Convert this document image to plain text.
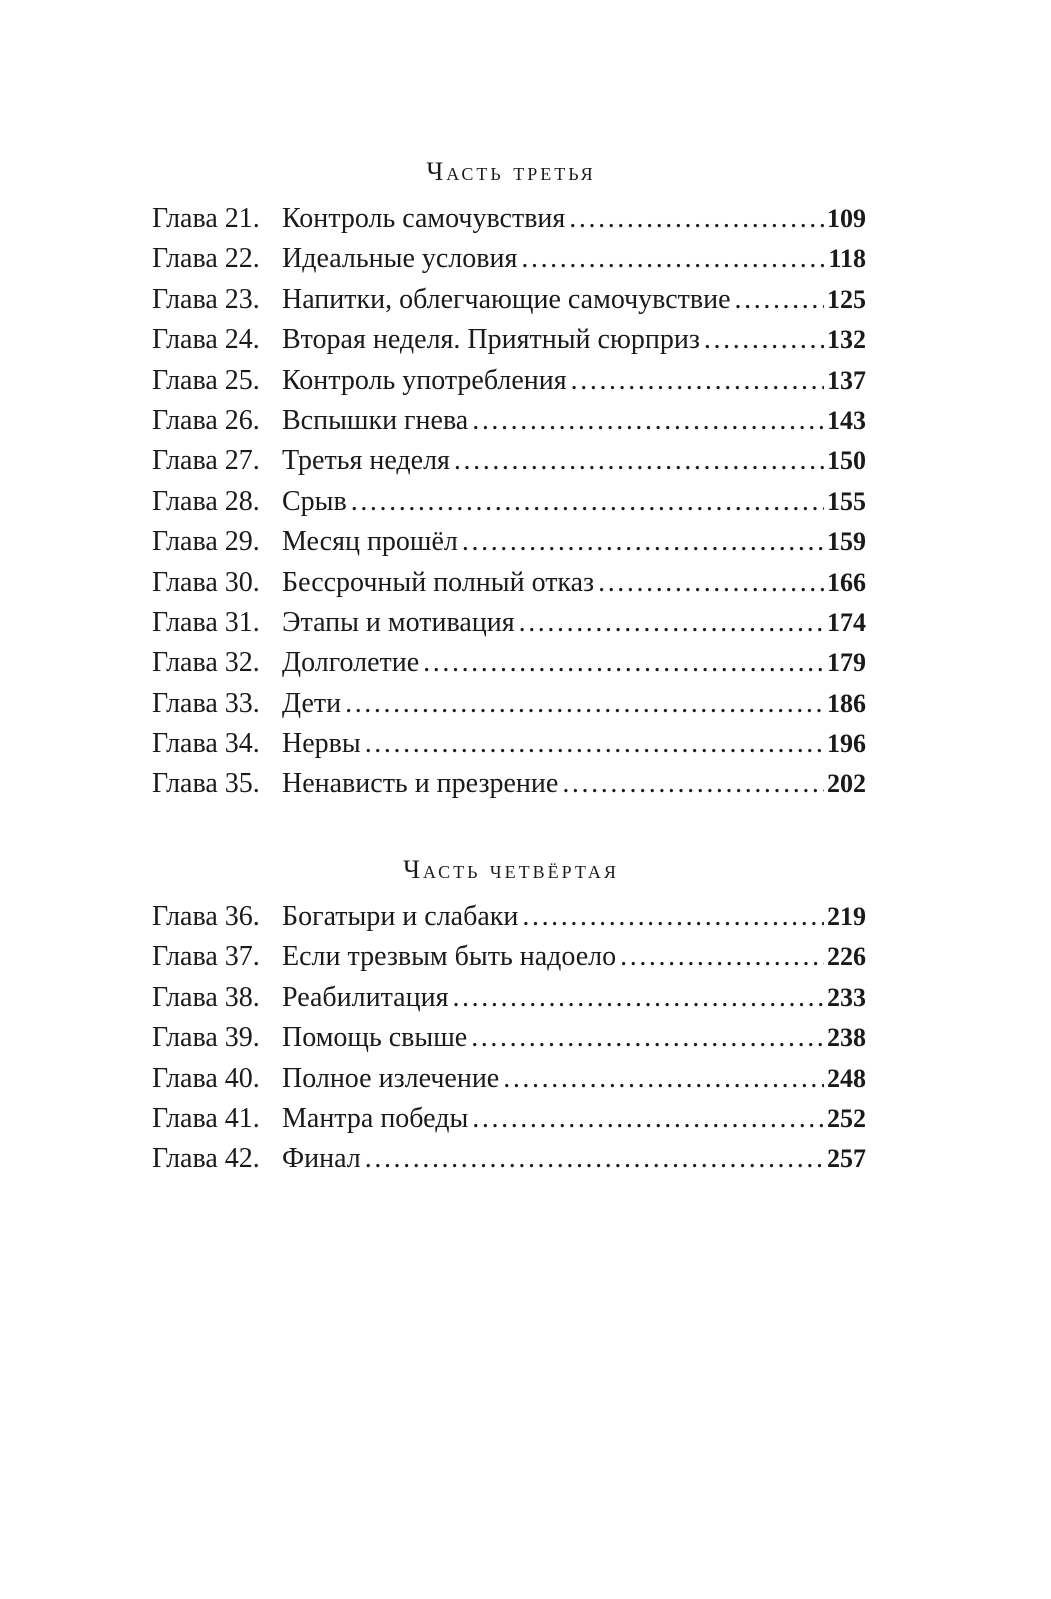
Часть третья
Глава 21. Контроль самочувствия . . .	109
Глава 22. Идеальные условия . . .	118
Глава 23. Напитки, облегчающие самочувствие . . .	125
Глава 24. Вторая неделя. Приятный сюрприз . . .	132
Глава 25. Контроль употребления . . .	137
Глава 26. Вспышки гнева . . .	143
Глава 27. Третья неделя . . .	150
Глава 28. Срыв . . .	155
Глава 29. Месяц прошёл . . .	159
Глава 30. Бессрочный полный отказ . . .	166
Глава 31. Этапы и мотивация . . .	174
Глава 32. Долголетие . . .	179
Глава 33. Дети . . .	186
Глава 34. Нервы . . .	196
Глава 35. Ненависть и презрение . . .	202
Часть четвёртая
Глава 36. Богатыри и слабаки . . .	219
Глава 37. Если трезвым быть надоело . . .	226
Глава 38. Реабилитация . . .	233
Глава 39. Помощь свыше . . .	238
Глава 40. Полное излечение . . .	248
Глава 41. Мантра победы . . .	252
Глава 42. Финал . . .	257
